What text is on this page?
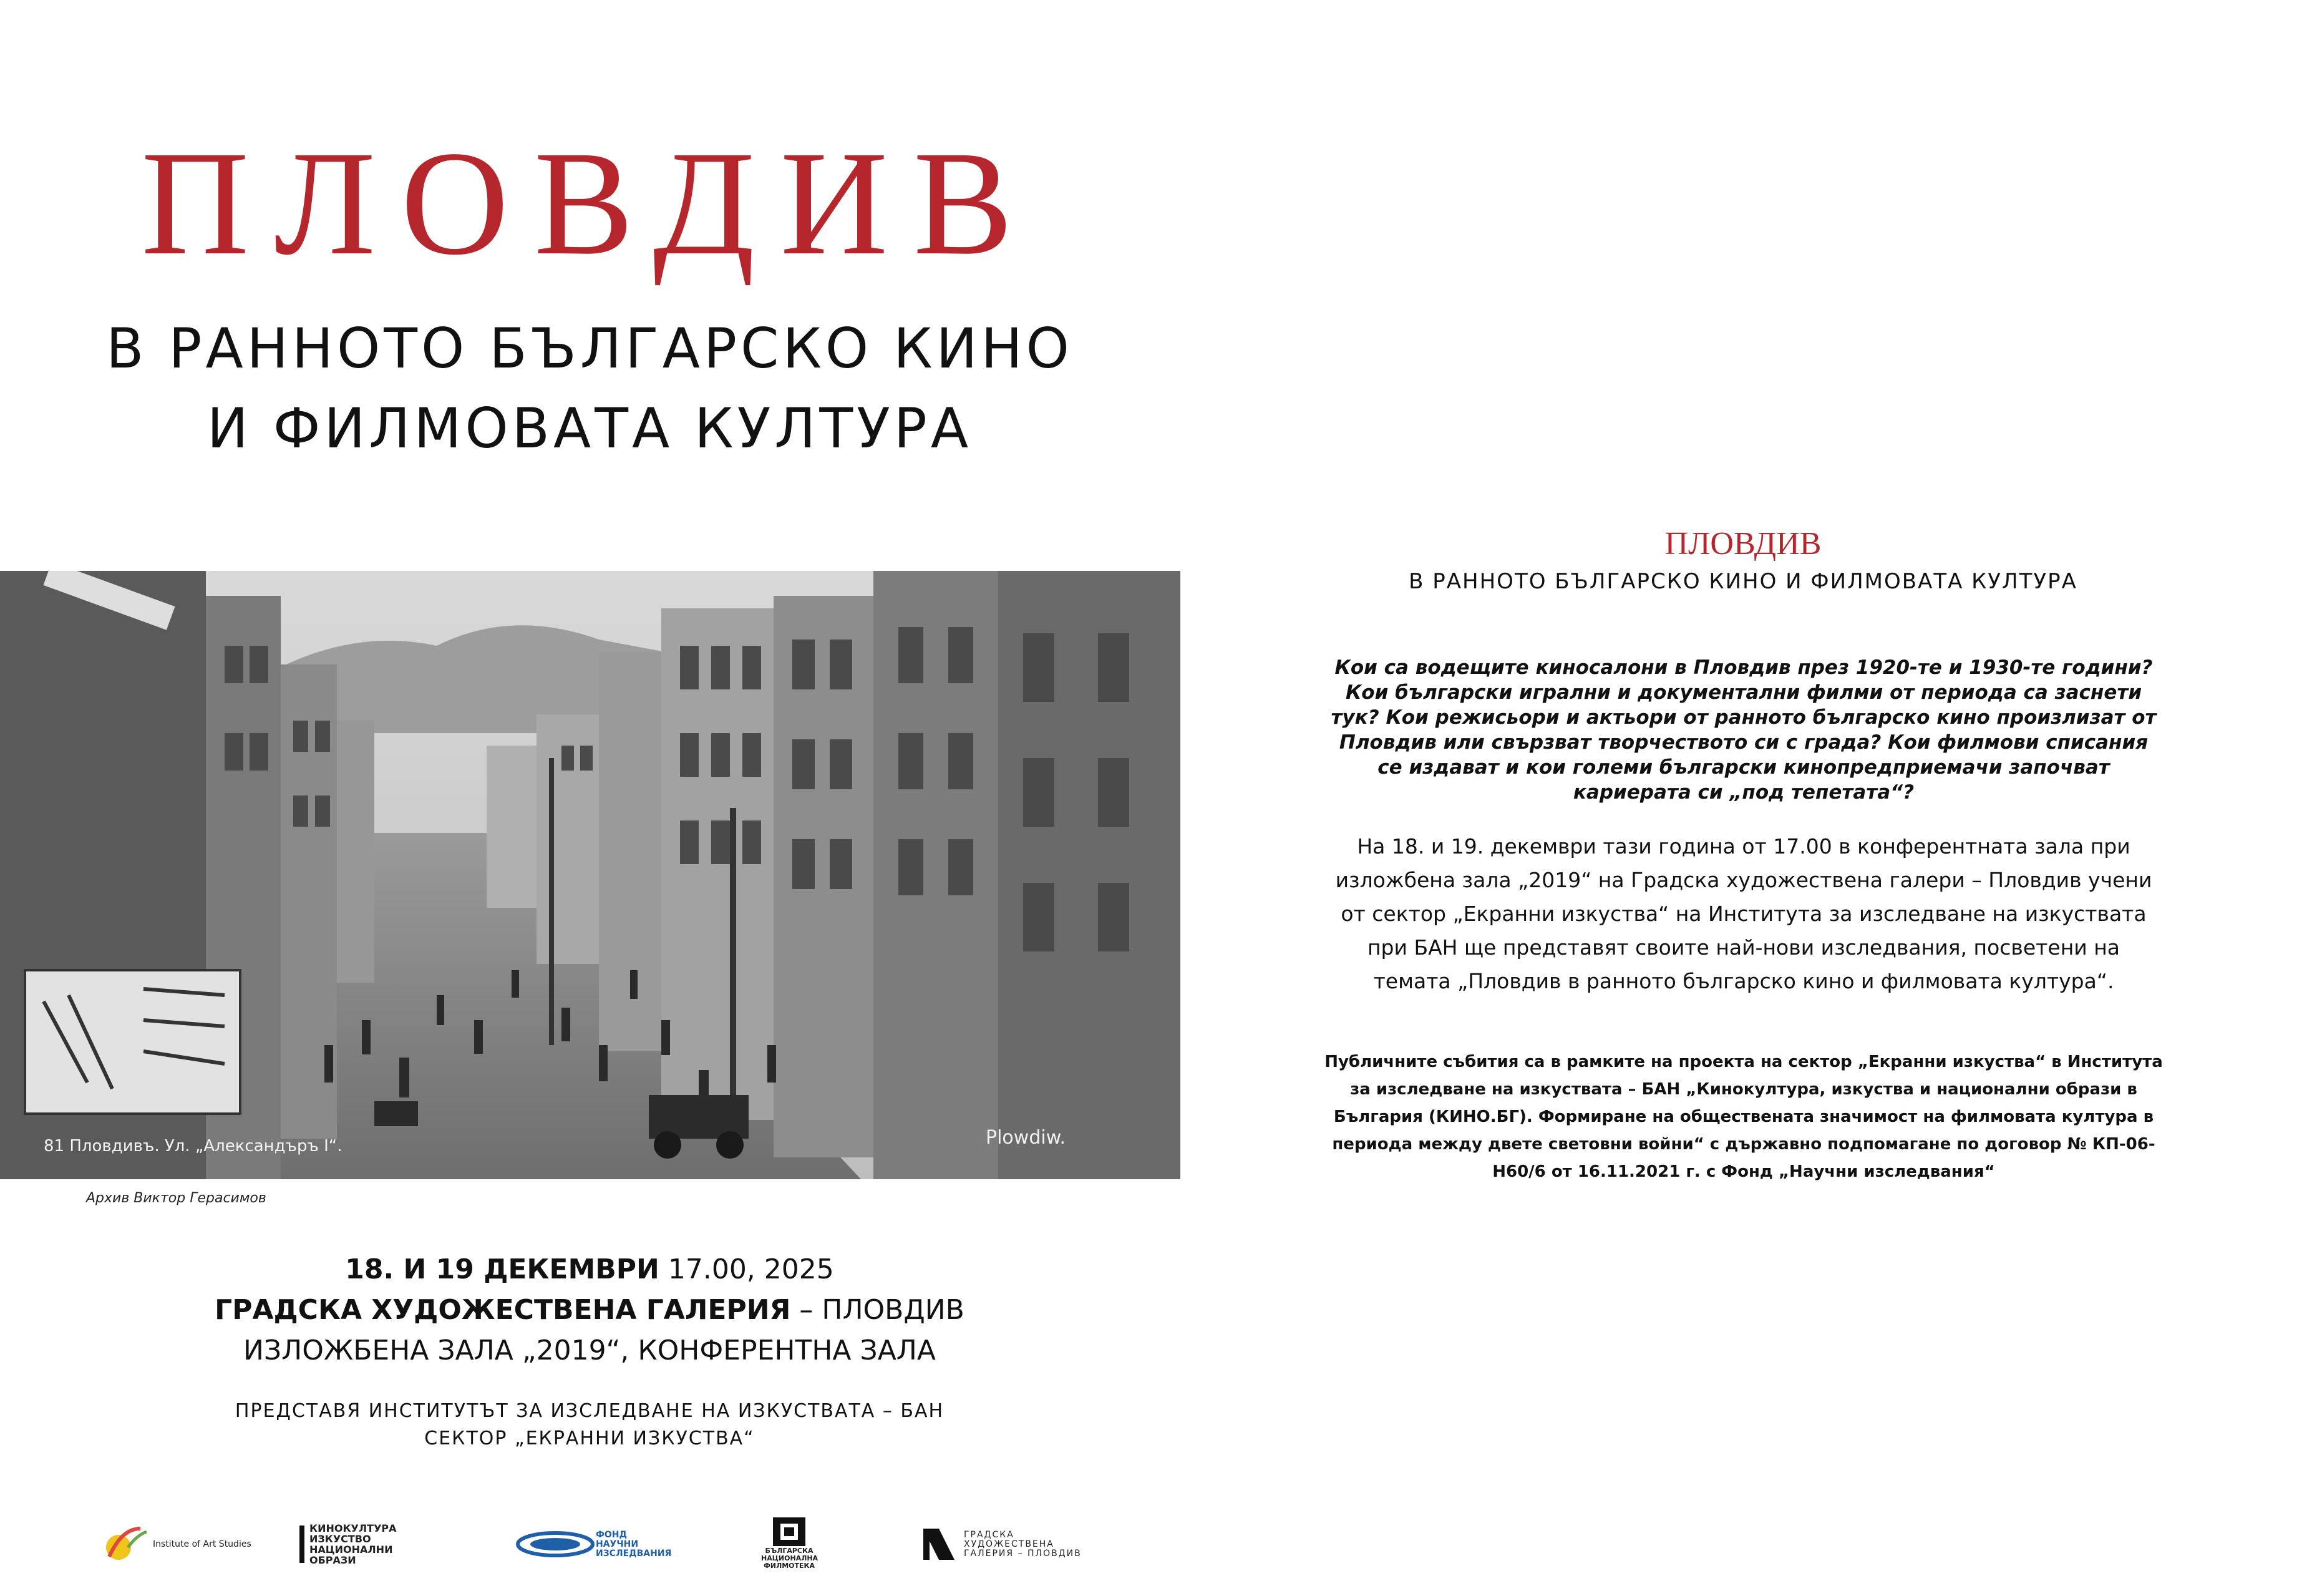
ПЛОВДИВ
В РАННОТО БЪЛГАРСКО КИНО
И ФИЛМОВАТА КУЛТУРА
81 Пловдивъ. Ул. „Александъръ I“.	Plowdiw.
Архив Виктор Герасимов
18. И 19 ДЕКЕМВРИ 17.00, 2025
ГРАДСКА ХУДОЖЕСТВЕНА ГАЛЕРИЯ – ПЛОВДИВ
ИЗЛОЖБЕНА ЗАЛА „2019“, КОНФЕРЕНТНА ЗАЛА
ПРЕДСТАВЯ ИНСТИТУТЪТ ЗА ИЗСЛЕДВАНЕ НА ИЗКУСТВАТА – БАН
СЕКТОР „ЕКРАННИ ИЗКУСТВА“
Institute of Art Studies
КИНОКУЛТУРА ИЗКУСТВО НАЦИОНАЛНИ ОБРАЗИ
ФОНД НАУЧНИ ИЗСЛЕДВАНИЯ	БЪЛГАРСКА НАЦИОНАЛНА ФИЛМОТЕКА
ГРАДСКА ХУДОЖЕСТВЕНА ГАЛЕРИЯ – ПЛОВДИВ
ПЛОВДИВ
В РАННОТО БЪЛГАРСКО КИНО И ФИЛМОВАТА КУЛТУРА
Кои са водещите киносалони в Пловдив през 1920-те и 1930-те години? Кои български игрални и документални филми от периода са заснети тук? Кои режисьори и актьори от ранното българско кино произлизат от Пловдив или свързват творчеството си с града? Кои филмови списания се издават и кои големи български кинопредприемачи започват кариерата си „под тепетата“?
На 18. и 19. декември тази година от 17.00 в конферентната зала при изложбена зала „2019“ на Градска художествена галери – Пловдив учени от сектор „Екранни изкуства“ на Института за изследване на изкуствата при БАН ще представят своите най-нови изследвания, посветени на темата „Пловдив в ранното българско кино и филмовата култура“.
Публичните събития са в рамките на проекта на сектор „Екранни изкуства“ в Института за изследване на изкуствата – БАН „Кинокултура, изкуства и национални образи в България (КИНО.БГ). Формиране на обществената значимост на филмовата култура в периода между двете световни войни“ с държавно подпомагане по договор № КП-06-Н60/6 от 16.11.2021 г. с Фонд „Научни изследвания“
